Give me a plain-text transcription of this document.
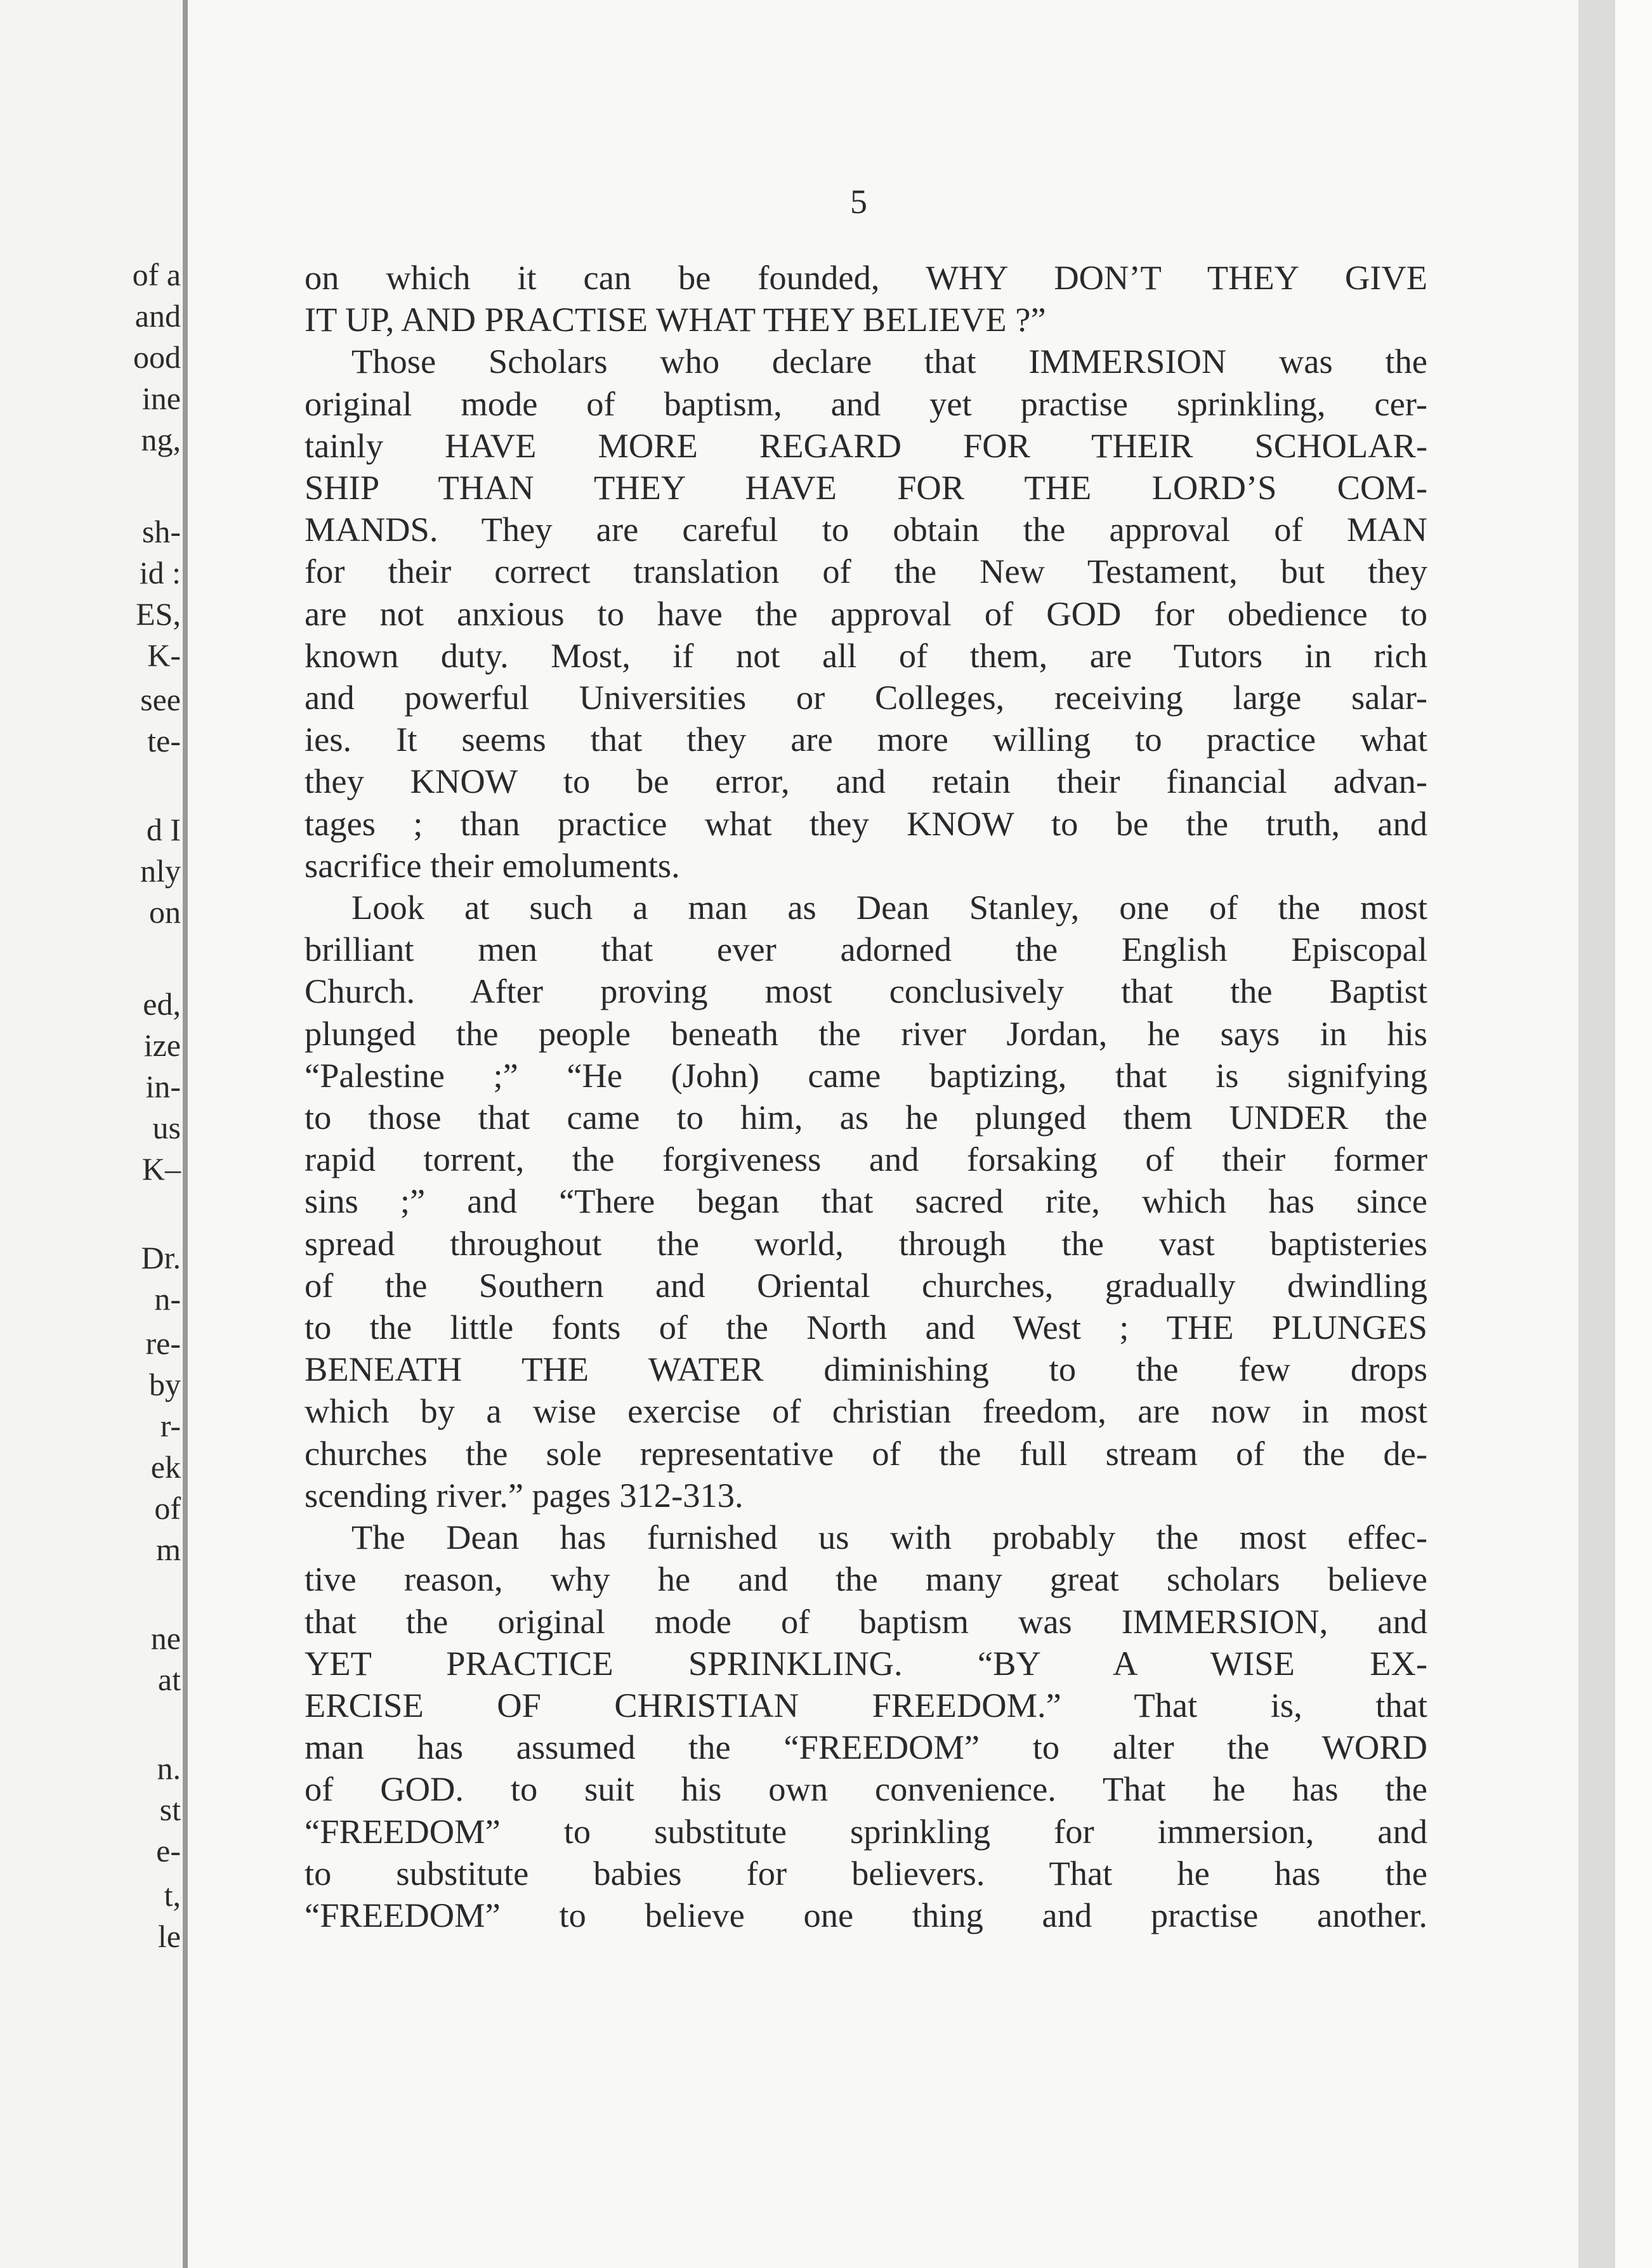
of a

and

ood

ine

ng,

sh-

id :

ES,

K-

see

te-

d I

nly

on

ed,

ize

in-

us

K–

Dr.

n-

re-

by

r-

ek

of

m

ne

at

n.

st

e-

t,

le

5

on which it can be founded, WHY DON’T THEY GIVE

IT UP, AND PRACTISE WHAT THEY BELIEVE ?”

Those Scholars who declare that IMMERSION was the

original mode of baptism, and yet practise sprinkling, cer-

tainly HAVE MORE REGARD FOR THEIR SCHOLAR-

SHIP THAN THEY HAVE FOR THE LORD’S COM-

MANDS. They are careful to obtain the approval of MAN

for their correct translation of the New Testament, but they

are not anxious to have the approval of GOD for obedience to

known duty. Most, if not all of them, are Tutors in rich

and powerful Universities or Colleges, receiving large salar-

ies. It seems that they are more willing to practice what

they KNOW to be error, and retain their financial advan-

tages ; than practice what they KNOW to be the truth, and

sacrifice their emoluments.

Look at such a man as Dean Stanley, one of the most

brilliant men that ever adorned the English Episcopal

Church. After proving most conclusively that the Baptist

plunged the people beneath the river Jordan, he says in his

“Palestine ;” “He (John) came baptizing, that is signifying

to those that came to him, as he plunged them UNDER the

rapid torrent, the forgiveness and forsaking of their former

sins ;” and “There began that sacred rite, which has since

spread throughout the world, through the vast baptisteries

of the Southern and Oriental churches, gradually dwindling

to the little fonts of the North and West ; THE PLUNGES

BENEATH THE WATER diminishing to the few drops

which by a wise exercise of christian freedom, are now in most

churches the sole representative of the full stream of the de-

scending river.” pages 312-313.

The Dean has furnished us with probably the most effec-

tive reason, why he and the many great scholars believe

that the original mode of baptism was IMMERSION, and

YET PRACTICE SPRINKLING. “BY A WISE EX-

ERCISE OF CHRISTIAN FREEDOM.” That is, that

man has assumed the “FREEDOM” to alter the WORD

of GOD. to suit his own convenience. That he has the

“FREEDOM” to substitute sprinkling for immersion, and

to substitute babies for believers. That he has the

“FREEDOM” to believe one thing and practise another.
